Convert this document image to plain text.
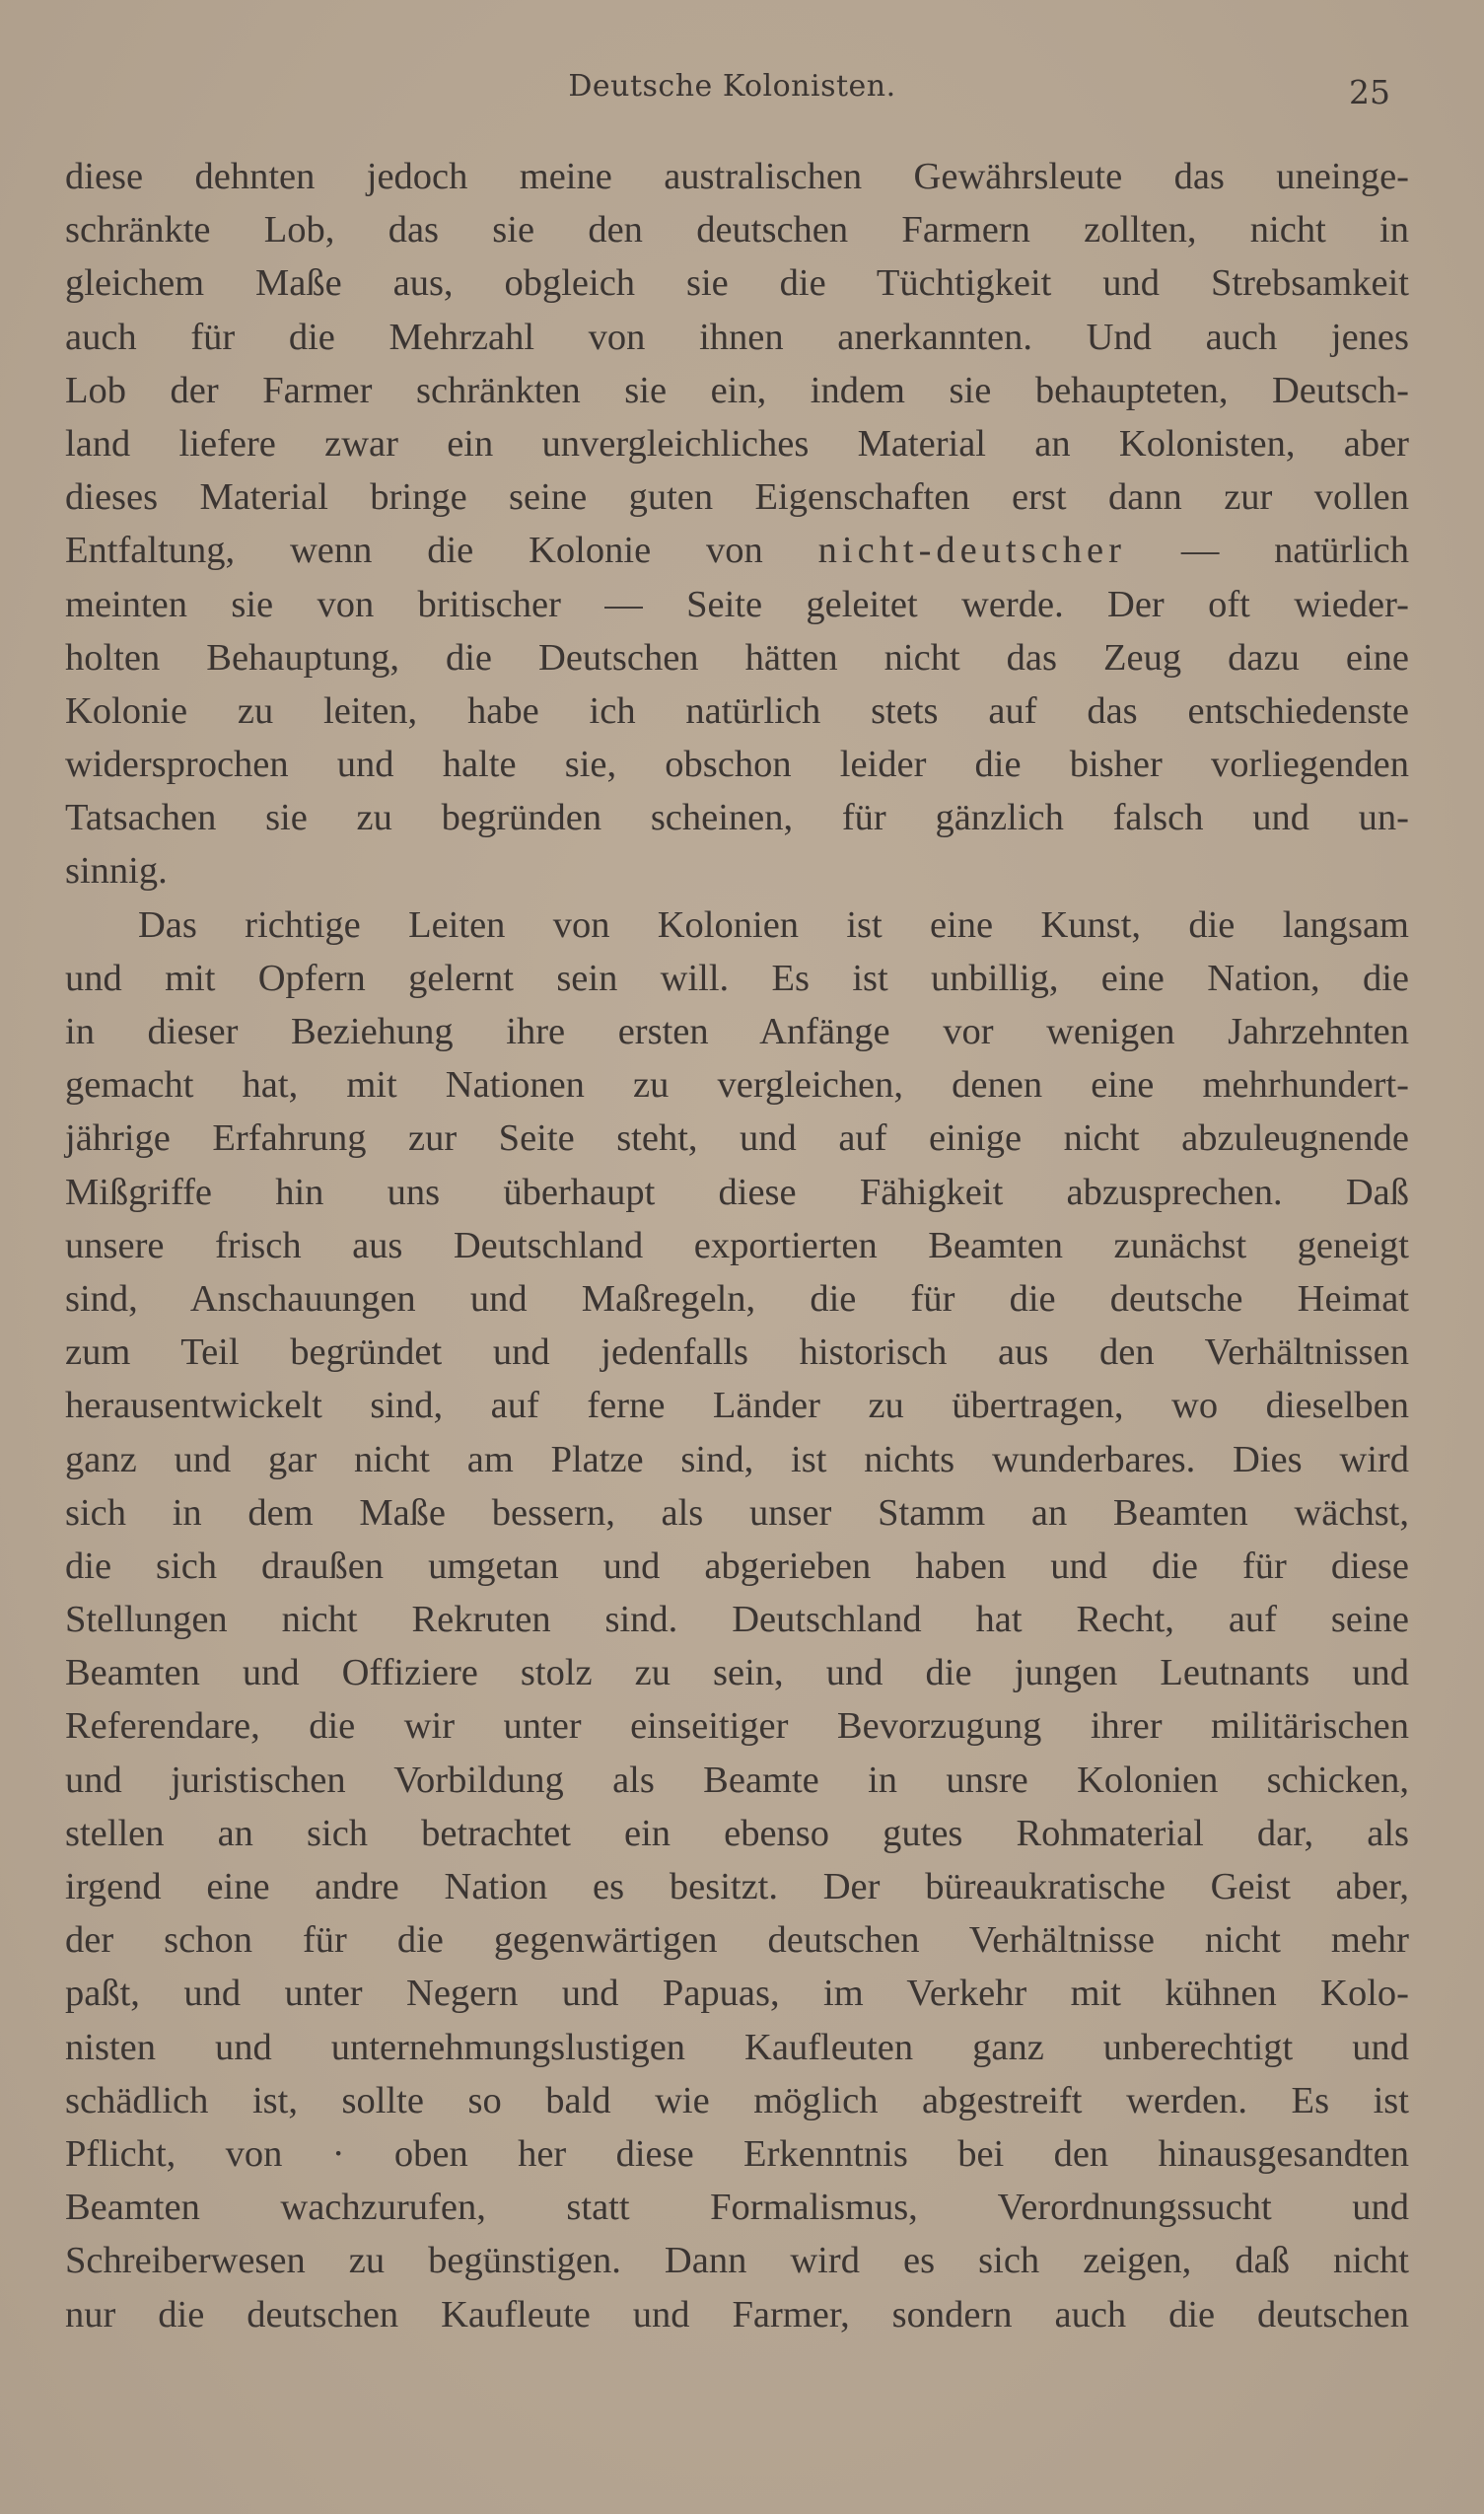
Deutsche Kolonisten.	25
diese dehnten jedoch meine australischen Gewährsleute das uneinge-
schränkte Lob, das sie den deutschen Farmern zollten, nicht in
gleichem Maße aus, obgleich sie die Tüchtigkeit und Strebsamkeit
auch für die Mehrzahl von ihnen anerkannten. Und auch jenes
Lob der Farmer schränkten sie ein, indem sie behaupteten, Deutsch-
land liefere zwar ein unvergleichliches Material an Kolonisten, aber
dieses Material bringe seine guten Eigenschaften erst dann zur vollen
Entfaltung, wenn die Kolonie von nicht-deutscher — natürlich
meinten sie von britischer — Seite geleitet werde. Der oft wieder-
holten Behauptung, die Deutschen hätten nicht das Zeug dazu eine
Kolonie zu leiten, habe ich natürlich stets auf das entschiedenste
widersprochen und halte sie, obschon leider die bisher vorliegenden
Tatsachen sie zu begründen scheinen, für gänzlich falsch und un-
sinnig.
Das richtige Leiten von Kolonien ist eine Kunst, die langsam
und mit Opfern gelernt sein will. Es ist unbillig, eine Nation, die
in dieser Beziehung ihre ersten Anfänge vor wenigen Jahrzehnten
gemacht hat, mit Nationen zu vergleichen, denen eine mehrhundert-
jährige Erfahrung zur Seite steht, und auf einige nicht abzuleugnende
Mißgriffe hin uns überhaupt diese Fähigkeit abzusprechen. Daß
unsere frisch aus Deutschland exportierten Beamten zunächst geneigt
sind, Anschauungen und Maßregeln, die für die deutsche Heimat
zum Teil begründet und jedenfalls historisch aus den Verhältnissen
herausentwickelt sind, auf ferne Länder zu übertragen, wo dieselben
ganz und gar nicht am Platze sind, ist nichts wunderbares. Dies wird
sich in dem Maße bessern, als unser Stamm an Beamten wächst,
die sich draußen umgetan und abgerieben haben und die für diese
Stellungen nicht Rekruten sind. Deutschland hat Recht, auf seine
Beamten und Offiziere stolz zu sein, und die jungen Leutnants und
Referendare, die wir unter einseitiger Bevorzugung ihrer militärischen
und juristischen Vorbildung als Beamte in unsre Kolonien schicken,
stellen an sich betrachtet ein ebenso gutes Rohmaterial dar, als
irgend eine andre Nation es besitzt. Der büreaukratische Geist aber,
der schon für die gegenwärtigen deutschen Verhältnisse nicht mehr
paßt, und unter Negern und Papuas, im Verkehr mit kühnen Kolo-
nisten und unternehmungslustigen Kaufleuten ganz unberechtigt und
schädlich ist, sollte so bald wie möglich abgestreift werden. Es ist
Pflicht, von · oben her diese Erkenntnis bei den hinausgesandten
Beamten wachzurufen, statt Formalismus, Verordnungssucht und
Schreiberwesen zu begünstigen. Dann wird es sich zeigen, daß nicht
nur die deutschen Kaufleute und Farmer, sondern auch die deutschen
